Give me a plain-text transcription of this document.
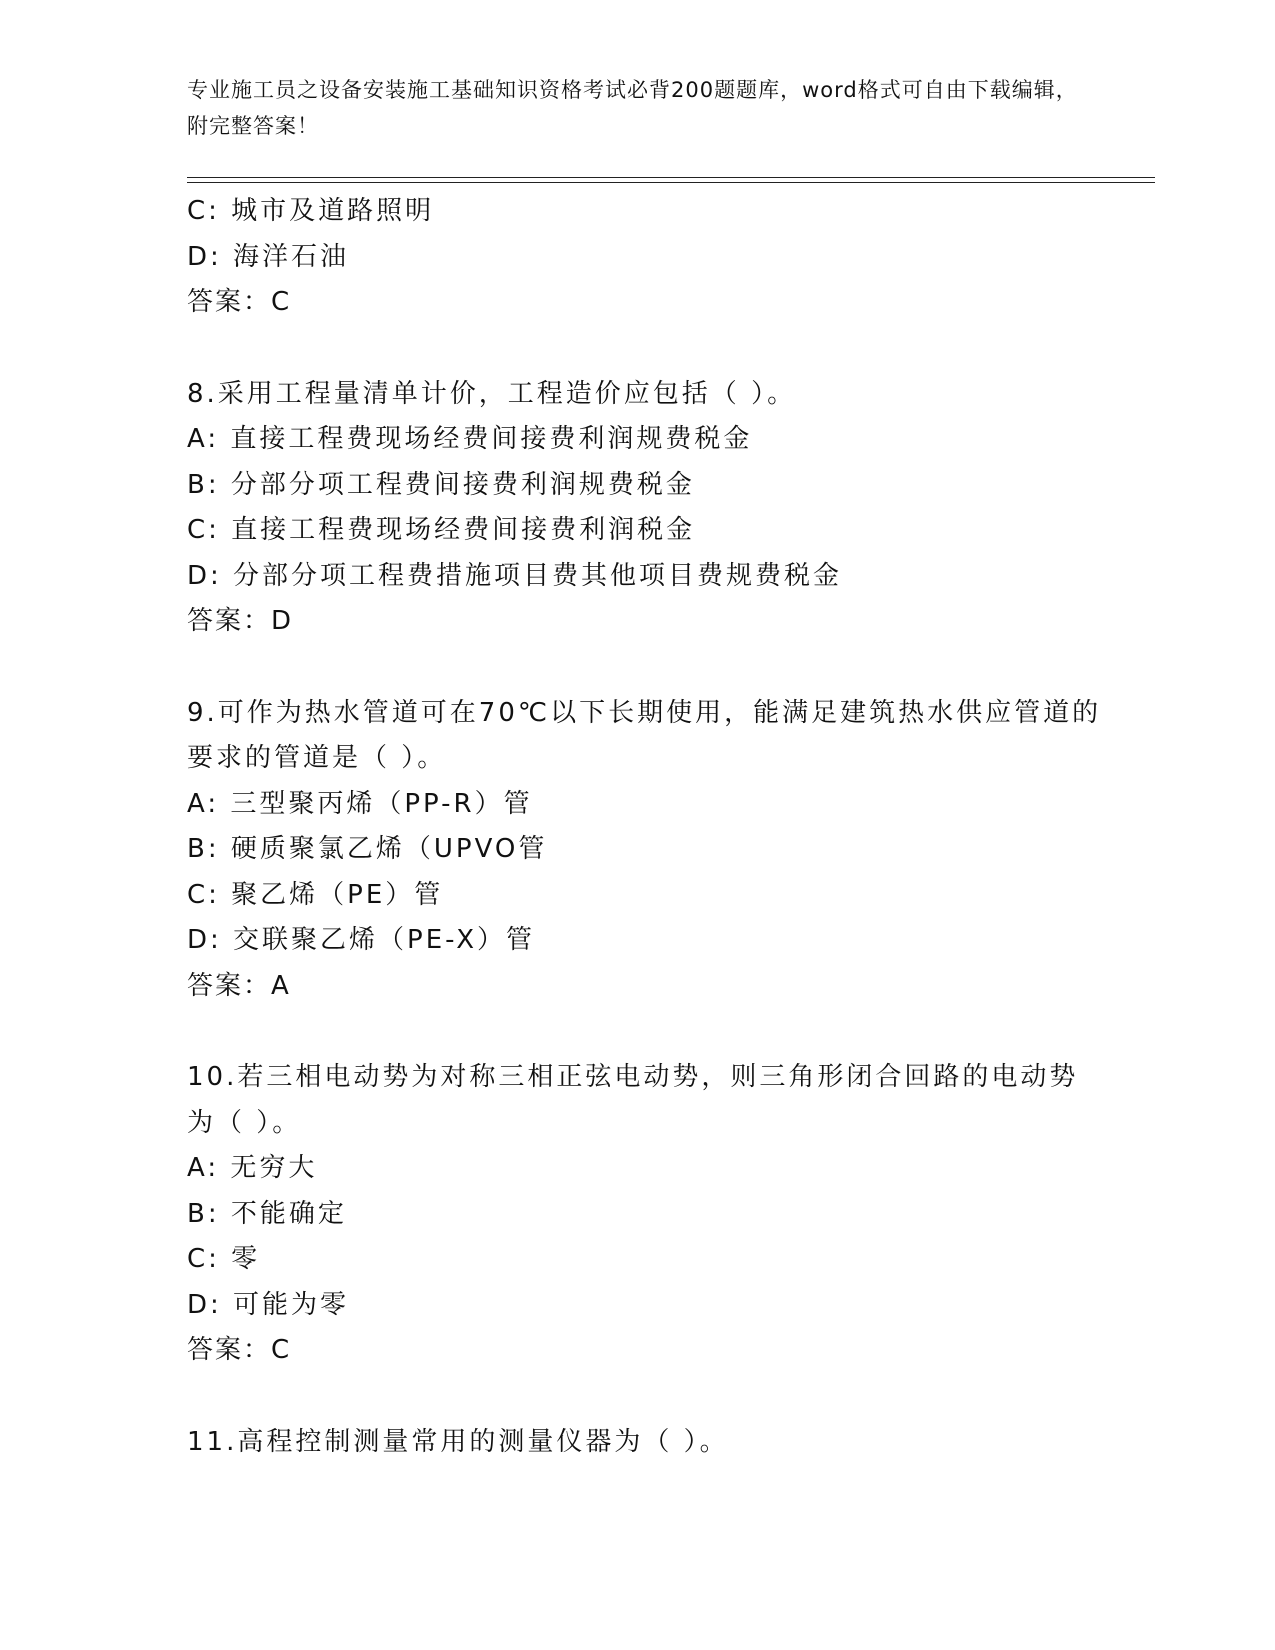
专业施工员之设备安装施工基础知识资格考试必背200题题库，word格式可自由下载编辑，附完整答案！
C: 城市及道路照明
D: 海洋石油
答案：C
8.采用工程量清单计价，工程造价应包括（ ）。
A: 直接工程费现场经费间接费利润规费税金
B: 分部分项工程费间接费利润规费税金
C: 直接工程费现场经费间接费利润税金
D: 分部分项工程费措施项目费其他项目费规费税金
答案：D
9.可作为热水管道可在70℃以下长期使用，能满足建筑热水供应管道的要求的管道是（ ）。
A: 三型聚丙烯（PP-R）管
B: 硬质聚氯乙烯（UPVO管
C: 聚乙烯（PE）管
D: 交联聚乙烯（PE-X）管
答案：A
10.若三相电动势为对称三相正弦电动势，则三角形闭合回路的电动势为（ ）。
A: 无穷大
B: 不能确定
C: 零
D: 可能为零
答案：C
11.高程控制测量常用的测量仪器为（ ）。
